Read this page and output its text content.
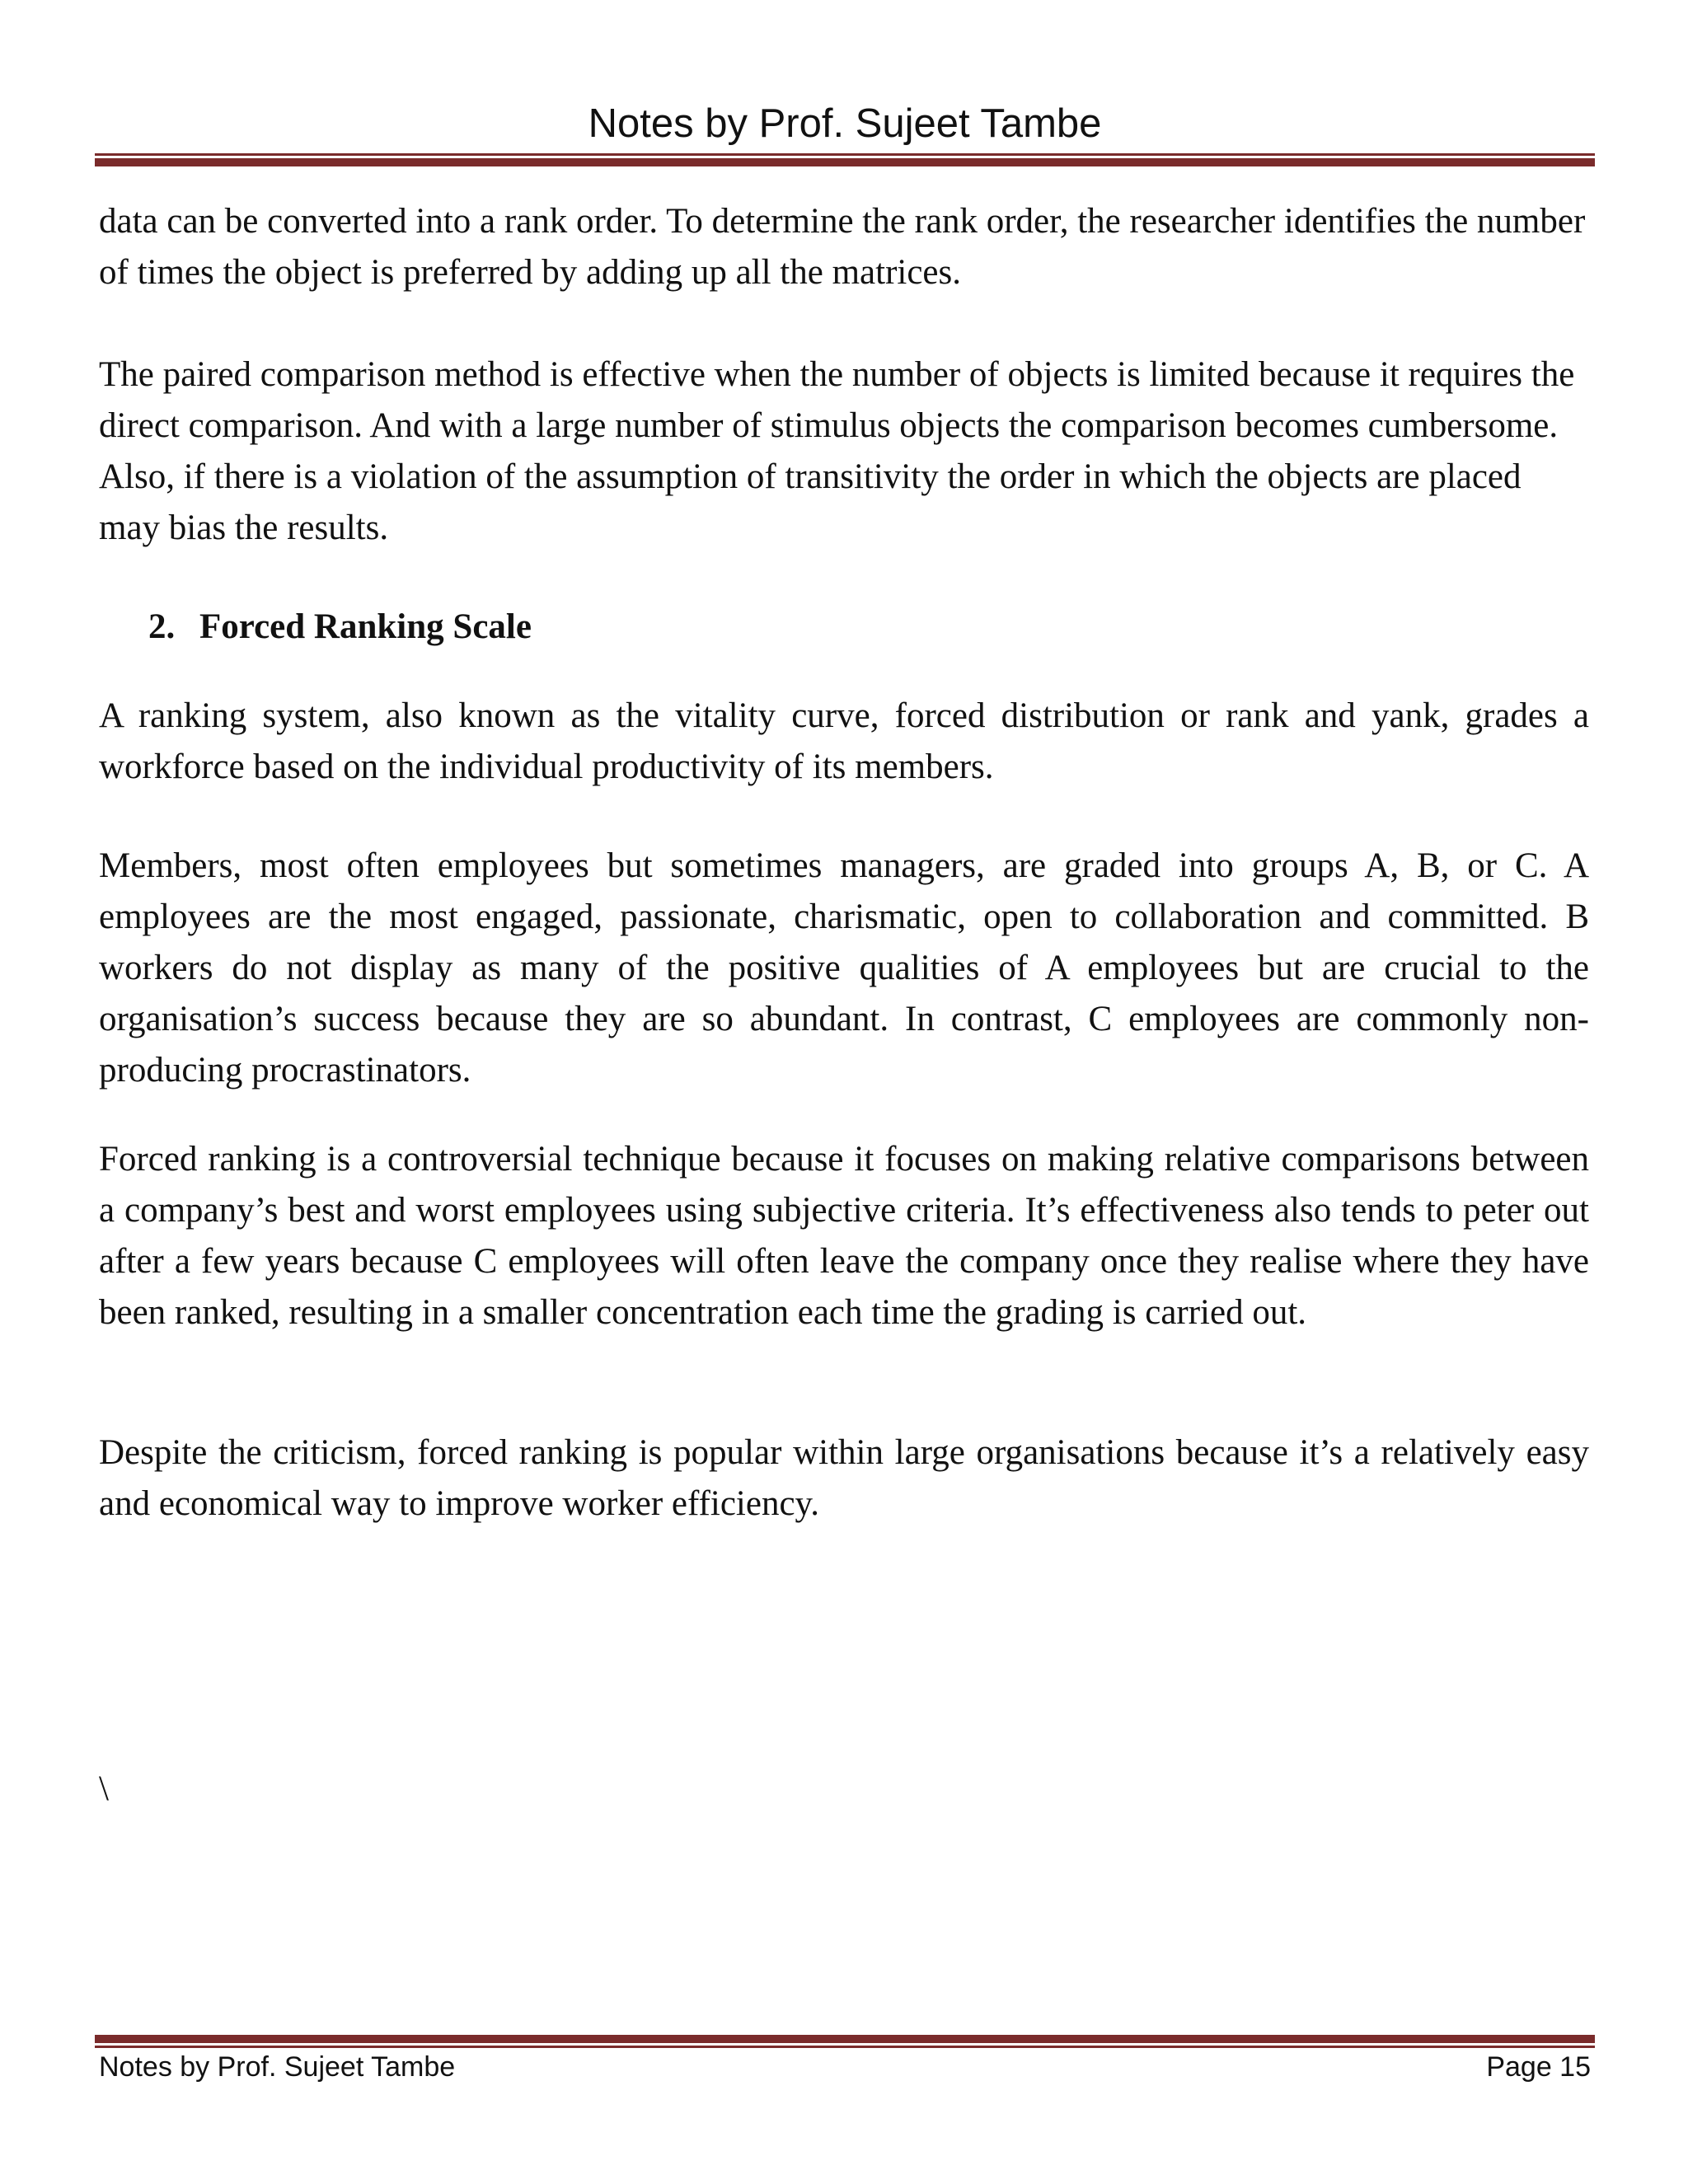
Notes by Prof. Sujeet Tambe

data can be converted into a rank order. To determine the rank order, the researcher identifies the number of times the object is preferred by adding up all the matrices.

The paired comparison method is effective when the number of objects is limited because it requires the direct comparison. And with a large number of stimulus objects the comparison becomes cumbersome. Also, if there is a violation of the assumption of transitivity the order in which the objects are placed may bias the results.

2. Forced Ranking Scale

A ranking system, also known as the vitality curve, forced distribution or rank and yank, grades a workforce based on the individual productivity of its members.

Members, most often employees but sometimes managers, are graded into groups A, B, or C. A employees are the most engaged, passionate, charismatic, open to collaboration and committed. B workers do not display as many of the positive qualities of A employees but are crucial to the organisation’s success because they are so abundant. In contrast, C employees are commonly non-producing procrastinators.

Forced ranking is a controversial technique because it focuses on making relative comparisons between a company’s best and worst employees using subjective criteria. It’s effectiveness also tends to peter out after a few years because C employees will often leave the company once they realise where they have been ranked, resulting in a smaller concentration each time the grading is carried out.

Despite the criticism, forced ranking is popular within large organisations because it’s a relatively easy and economical way to improve worker efficiency.

\

Notes by Prof. Sujeet Tambe	Page 15
